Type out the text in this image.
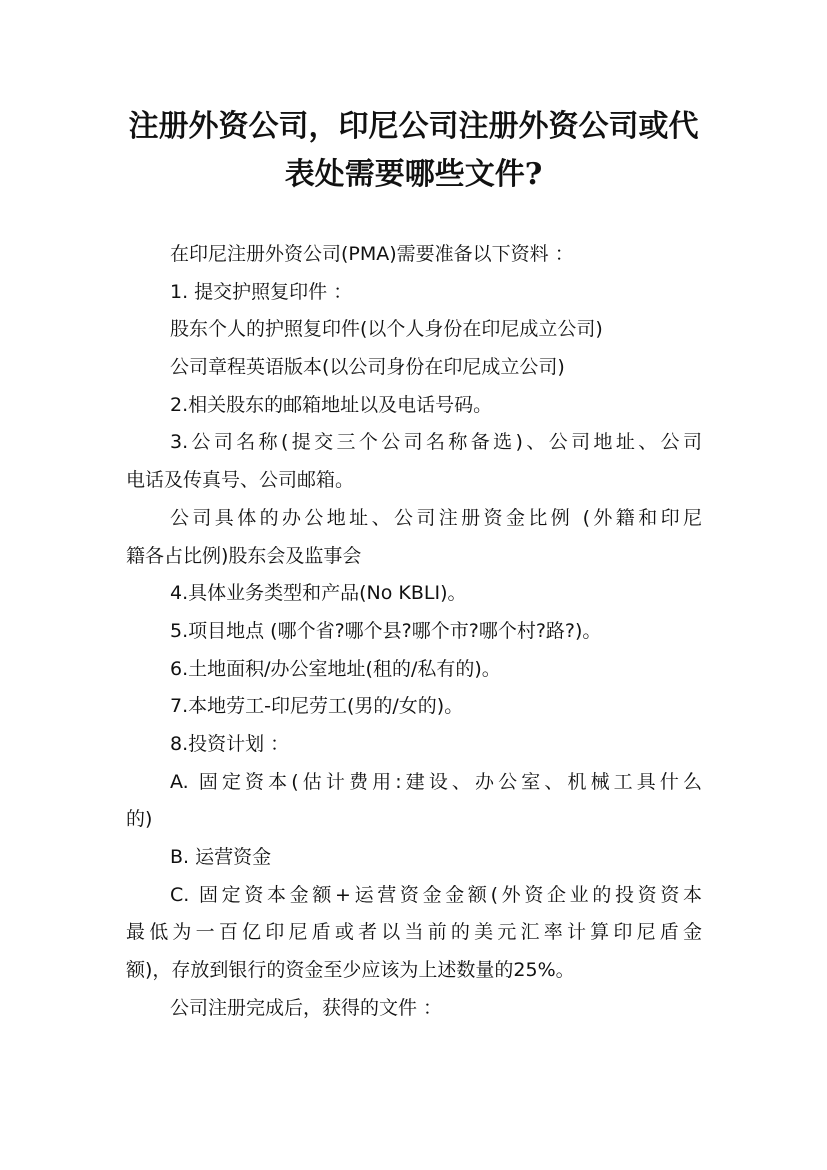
注册外资公司，印尼公司注册外资公司或代
表处需要哪些文件?

在印尼注册外资公司(PMA)需要准备以下资料 ：

1. 提交护照复印件 ：

股东个人的护照复印件(以个人身份在印尼成立公司)

公司章程英语版本(以公司身份在印尼成立公司)

2.相关股东的邮箱地址以及电话号码。

3.公司名称(提交三个公司名称备选)、公司地址、公司

电话及传真号、公司邮箱。

公司具体的办公地址、公司注册资金比例 (外籍和印尼

籍各占比例)股东会及监事会

4.具体业务类型和产品(No KBLI)。

5.项目地点 (哪个省?哪个县?哪个市?哪个村?路?)。

6.土地面积/办公室地址(租的/私有的)。

7.本地劳工-印尼劳工(男的/女的)。

8.投资计划 ：

A. 固定资本(估计费用:建设、办公室、机械工具什么

的)

B. 运营资金

C. 固定资本金额+运营资金金额(外资企业的投资资本

最低为一百亿印尼盾或者以当前的美元汇率计算印尼盾金

额)，存放到银行的资金至少应该为上述数量的25%。

公司注册完成后，获得的文件 ：
